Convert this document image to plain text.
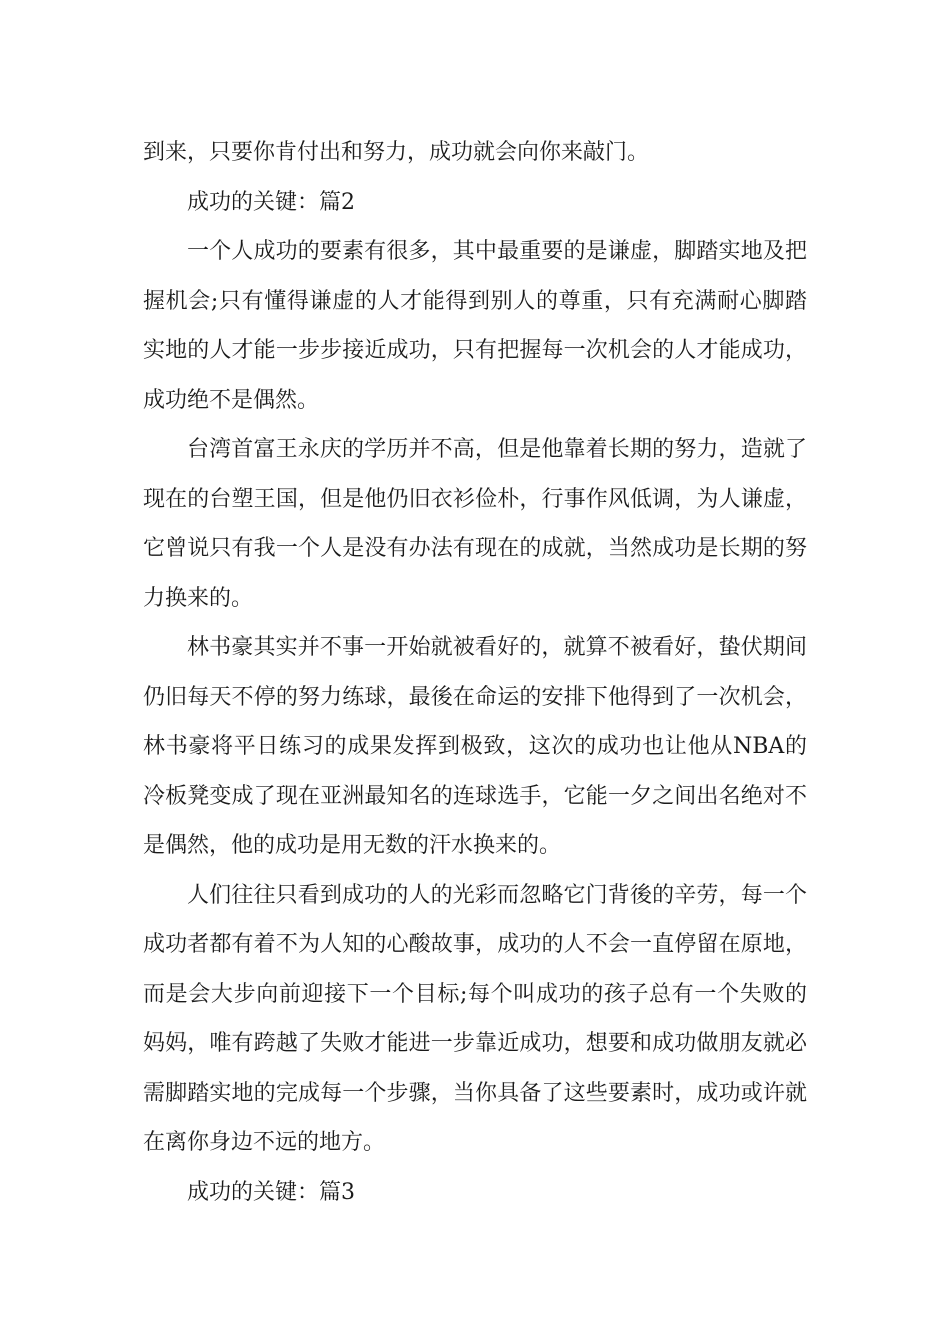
到来，只要你肯付出和努力，成功就会向你来敲门。

成功的关键：篇2

一个人成功的要素有很多，其中最重要的是谦虚，脚踏实地及把握机会;只有懂得谦虚的人才能得到别人的尊重，只有充满耐心脚踏实地的人才能一步步接近成功，只有把握每一次机会的人才能成功，成功绝不是偶然。

台湾首富王永庆的学历并不高，但是他靠着长期的努力，造就了现在的台塑王国，但是他仍旧衣衫俭朴，行事作风低调，为人谦虚，它曾说只有我一个人是没有办法有现在的成就，当然成功是长期的努力换来的。

林书豪其实并不事一开始就被看好的，就算不被看好，蛰伏期间仍旧每天不停的努力练球，最後在命运的安排下他得到了一次机会，林书豪将平日练习的成果发挥到极致，这次的成功也让他从NBA的冷板凳变成了现在亚洲最知名的连球选手，它能一夕之间出名绝对不是偶然，他的成功是用无数的汗水换来的。

人们往往只看到成功的人的光彩而忽略它门背後的辛劳，每一个成功者都有着不为人知的心酸故事，成功的人不会一直停留在原地，而是会大步向前迎接下一个目标;每个叫成功的孩子总有一个失败的妈妈，唯有跨越了失败才能进一步靠近成功，想要和成功做朋友就必需脚踏实地的完成每一个步骤，当你具备了这些要素时，成功或许就在离你身边不远的地方。

成功的关键：篇3
